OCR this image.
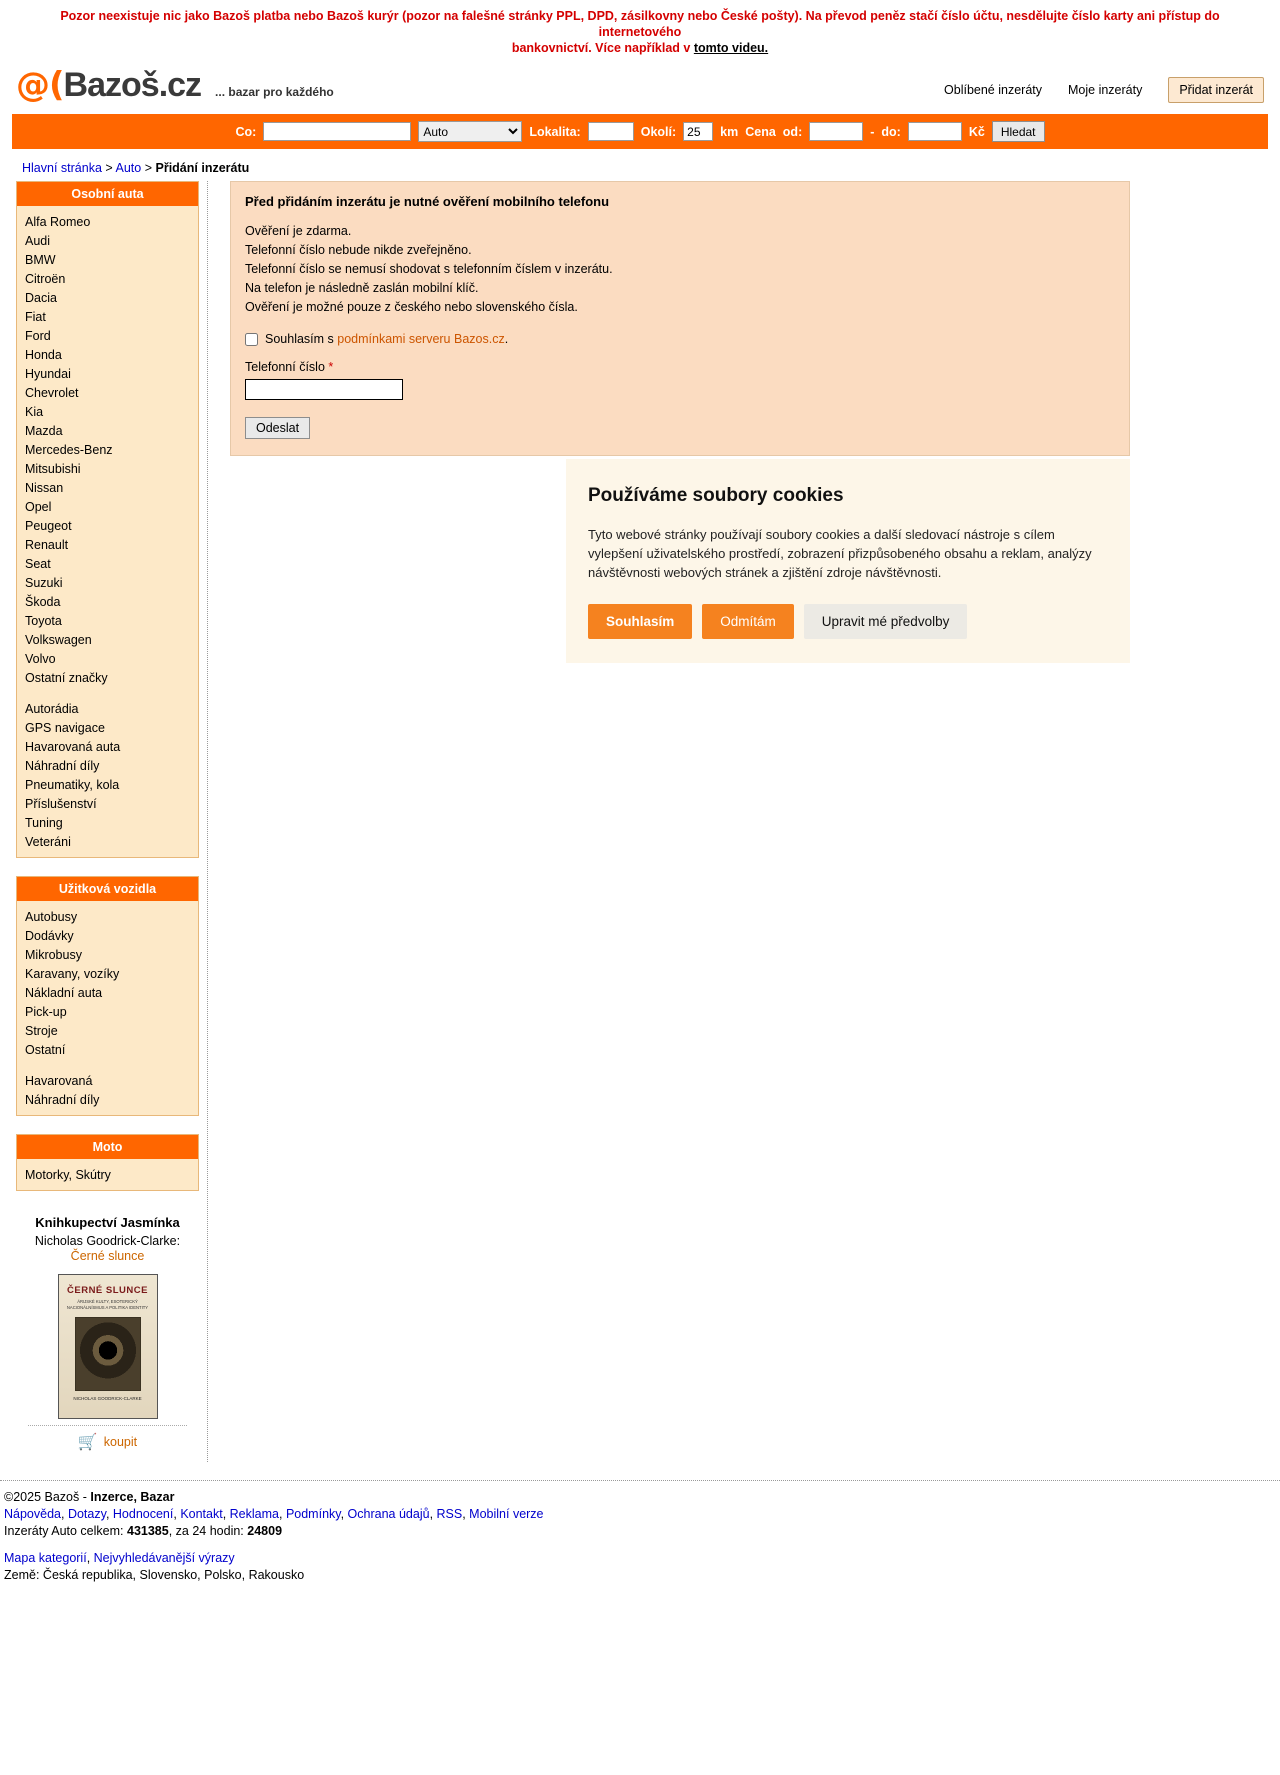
Pozor neexistuje nic jako Bazoš platba nebo Bazoš kurýr (pozor na falešné stránky PPL, DPD, zásilkovny nebo České pošty). Na převod peněz stačí číslo účtu, nesdělujte číslo karty ani přístup do internetového
bankovnictví. Více například v tomto videu.
@(Bazoš.cz ... bazar pro každého	Oblíbené inzeráty Moje inzeráty	Přidat inzerát
Co:
Auto	Lokalita:	Okolí:
25	km Cena od:	- do:	Kč	Hledat
Hlavní stránka > Auto > Přidání inzerátu
Osobní auta
Alfa Romeo
Audi
BMW
Citroën
Dacia
Fiat
Ford
Honda
Hyundai
Chevrolet
Kia
Mazda
Mercedes-Benz
Mitsubishi
Nissan
Opel
Peugeot
Renault
Seat
Suzuki
Škoda
Toyota
Volkswagen
Volvo
Ostatní značky
Autorádia
GPS navigace
Havarovaná auta
Náhradní díly
Pneumatiky, kola
Příslušenství
Tuning
Veteráni
Užitková vozidla
Autobusy
Dodávky
Mikrobusy
Karavany, vozíky
Nákladní auta
Pick-up
Stroje
Ostatní
Havarovaná
Náhradní díly
Moto
Motorky, Skútry
Knihkupectví Jasmínka
Nicholas Goodrick-Clarke: Černé slunce
ČERNÉ SLUNCE
ÁRIJSKÉ KULTY, ESOTERICKÝ NACIONÁLNÍSMUS A POLITIKA IDENTITY
NICHOLAS GOODRICK-CLARKE
🛒 koupit
Před přidáním inzerátu je nutné ověření mobilního telefonu

Ověření je zdarma.

Telefonní číslo nebude nikde zveřejněno.

Telefonní číslo se nemusí shodovat s telefonním číslem v inzerátu.

Na telefon je následně zaslán mobilní klíč.

Ověření je možné pouze z českého nebo slovenského čísla.

Souhlasím s podmínkami serveru Bazos.cz.
Telefonní číslo *
Odeslat
Používáme soubory cookies

Tyto webové stránky používají soubory cookies a další sledovací nástroje s cílem vylepšení uživatelského prostředí, zobrazení přizpůsobeného obsahu a reklam, analýzy návštěvnosti webových stránek a zjištění zdroje návštěvnosti.

Souhlasím	Odmítám	Upravit mé předvolby
©2025 Bazoš - Inzerce, Bazar
Nápověda, Dotazy, Hodnocení, Kontakt, Reklama, Podmínky, Ochrana údajů, RSS, Mobilní verze
Inzeráty Auto celkem: 431385, za 24 hodin: 24809
Mapa kategorií, Nejvyhledávanější výrazy
Země: Česká republika, Slovensko, Polsko, Rakousko
